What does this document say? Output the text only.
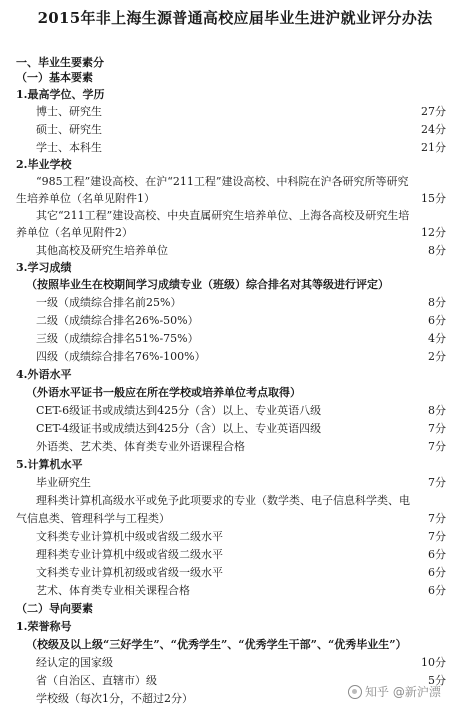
2015年非上海生源普通高校应届毕业生进沪就业评分办法
一、毕业生要素分
（一）基本要素
1.最高学位、学历
博士、研究生	27分
硕士、研究生	24分
学士、本科生	21分
2.毕业学校
“985工程”建设高校、在沪“211工程”建设高校、中科院在沪各研究所等研究
生培养单位（名单见附件1）	15分
其它“211工程”建设高校、中央直属研究生培养单位、上海各高校及研究生培
养单位（名单见附件2）	12分
其他高校及研究生培养单位	8分
3.学习成绩
（按照毕业生在校期间学习成绩专业（班级）综合排名对其等级进行评定）
一级（成绩综合排名前25%）	8分
二级（成绩综合排名26%-50%）	6分
三级（成绩综合排名51%-75%）	4分
四级（成绩综合排名76%-100%）	2分
4.外语水平
（外语水平证书一般应在所在学校或培养单位考点取得）
CET-6级证书或成绩达到425分（含）以上、专业英语八级	8分
CET-4级证书或成绩达到425分（含）以上、专业英语四级	7分
外语类、艺术类、体育类专业外语课程合格	7分
5.计算机水平
毕业研究生	7分
理科类计算机高级水平或免予此项要求的专业（数学类、电子信息科学类、电
气信息类、管理科学与工程类）	7分
文科类专业计算机中级或省级二级水平	7分
理科类专业计算机中级或省级二级水平	6分
文科类专业计算机初级或省级一级水平	6分
艺术、体育类专业相关课程合格	6分
（二）导向要素
1.荣誉称号
（校级及以上级“三好学生”、“优秀学生”、“优秀学生干部”、“优秀毕业生”）
经认定的国家级	10分
省（自治区、直辖市）级	5分
学校级（每次1分，不超过2分）	知乎 @新沪漂
